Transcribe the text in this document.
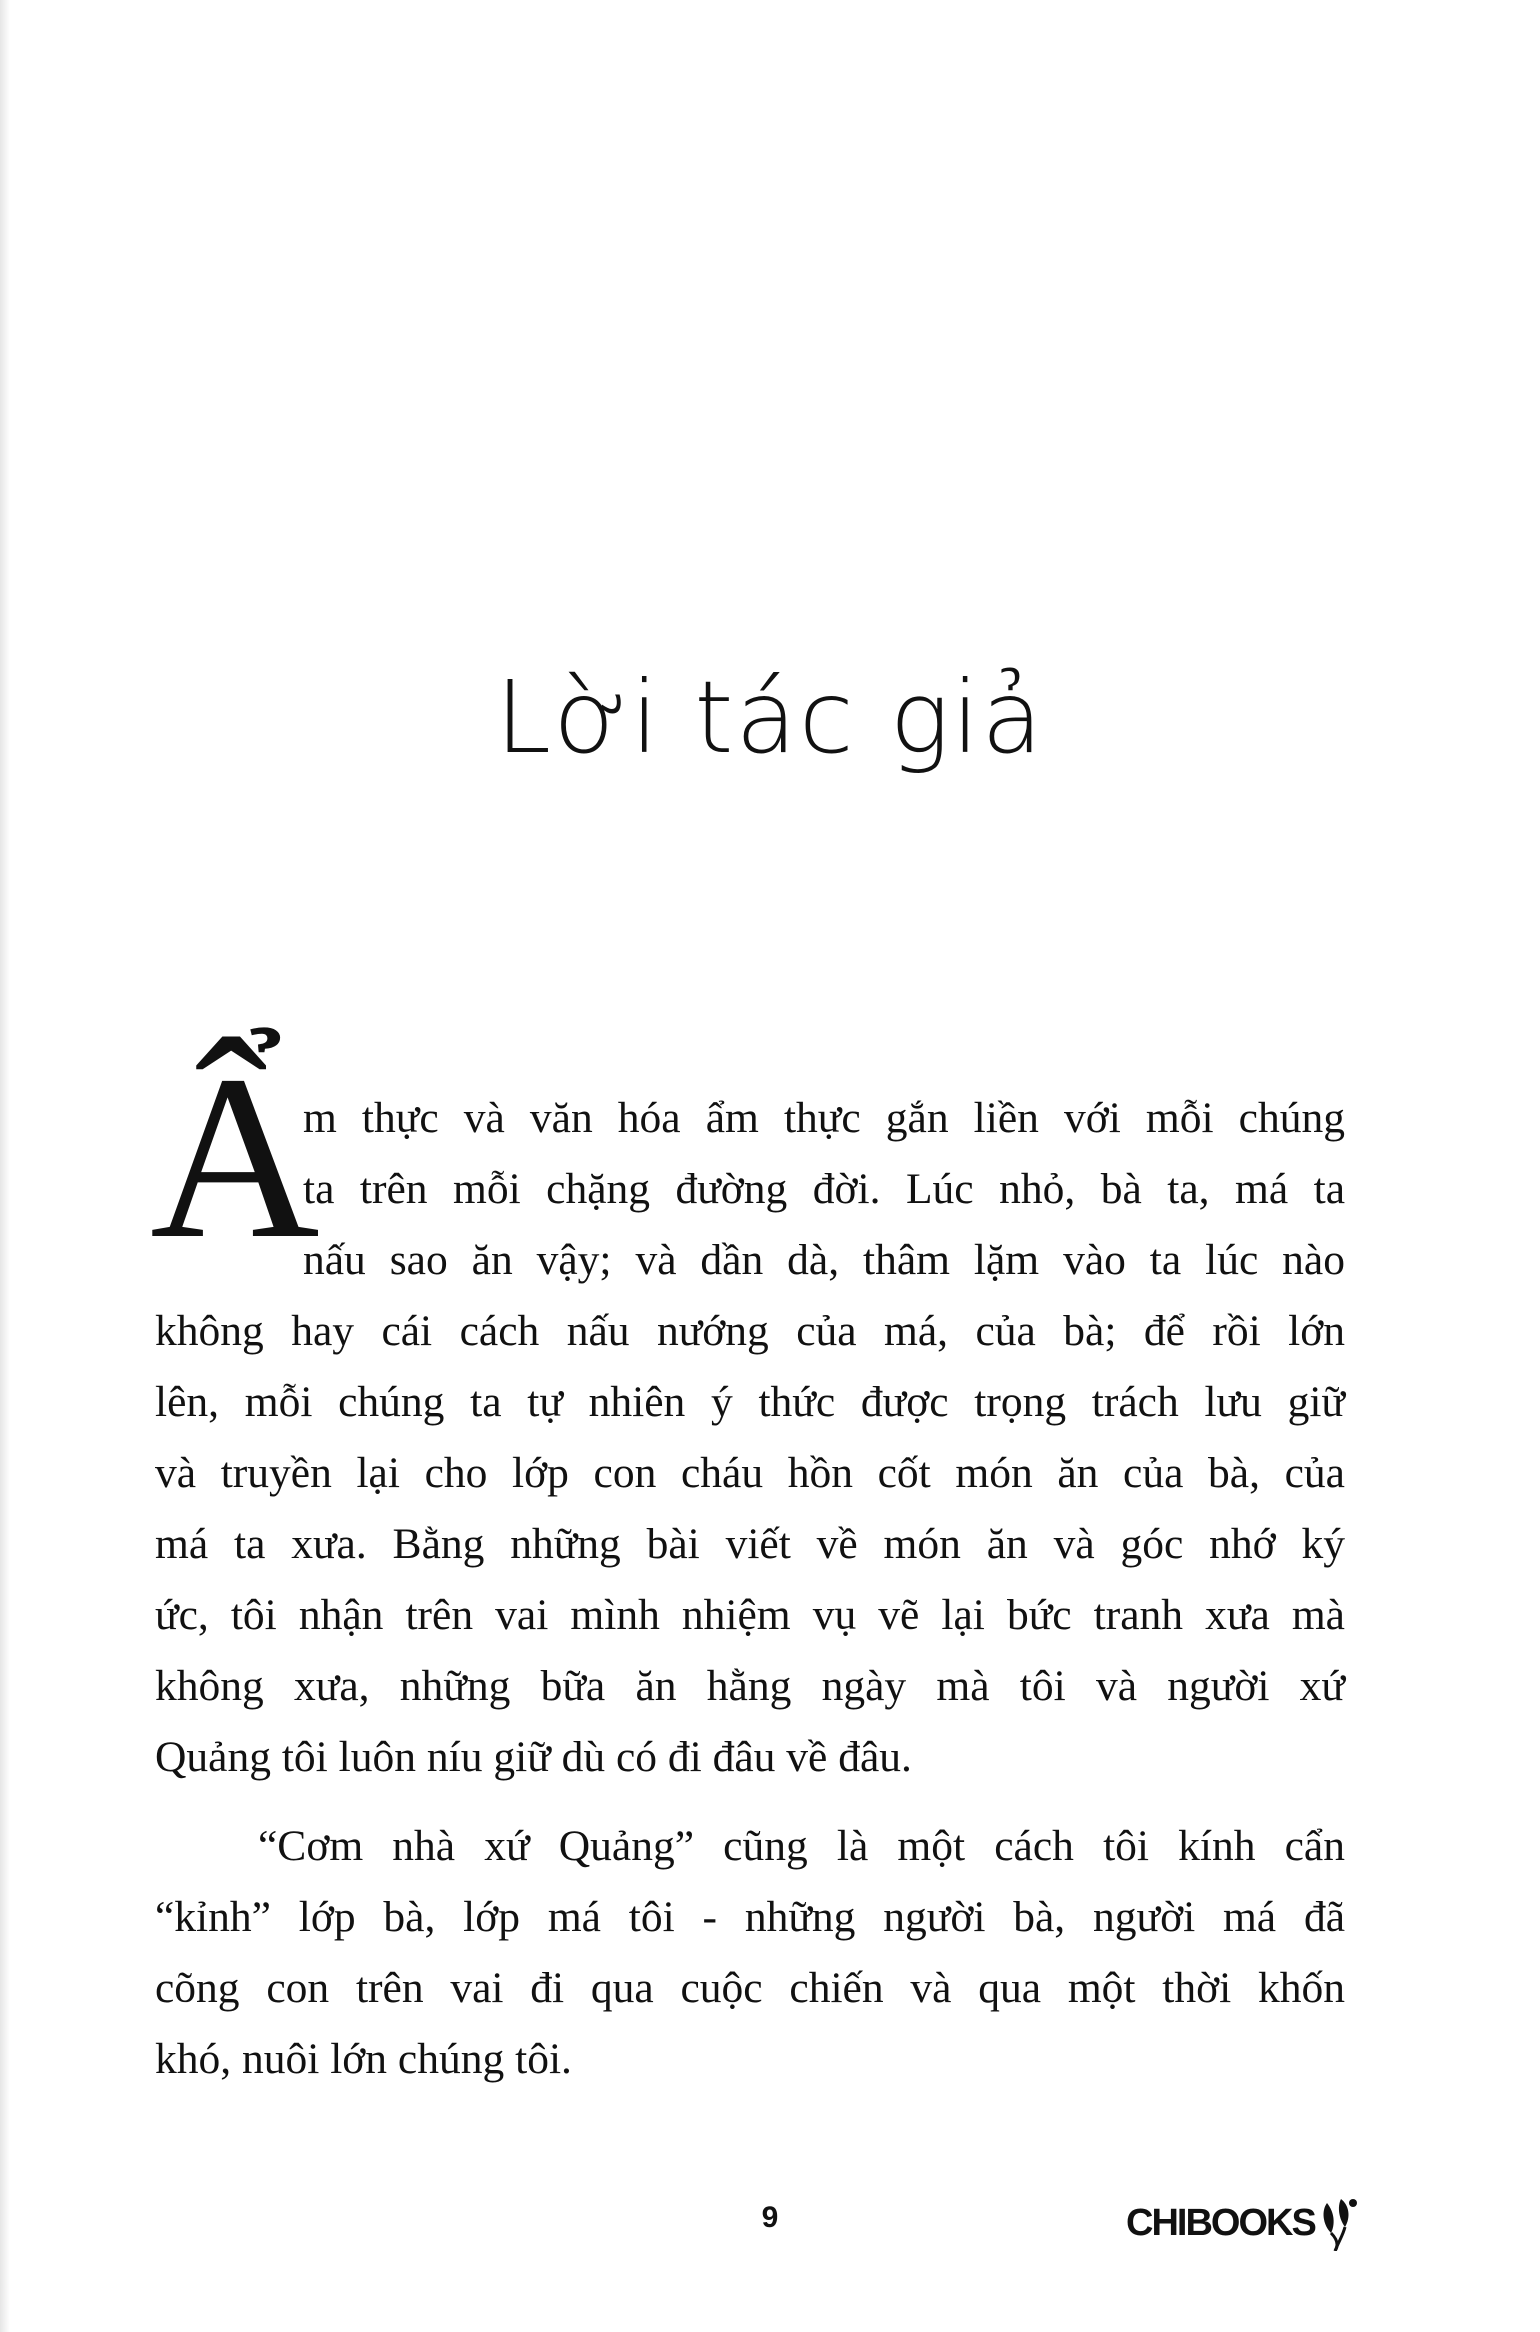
Lời tác giả
Ẩ
m thực và văn hóa ẩm thực gắn liền với mỗi chúng
ta trên mỗi chặng đường đời. Lúc nhỏ, bà ta, má ta
nấu sao ăn vậy; và dần dà, thâm lặm vào ta lúc nào
không hay cái cách nấu nướng của má, của bà; để rồi lớn
lên, mỗi chúng ta tự nhiên ý thức được trọng trách lưu giữ
và truyền lại cho lớp con cháu hồn cốt món ăn của bà, của
má ta xưa. Bằng những bài viết về món ăn và góc nhớ ký
ức, tôi nhận trên vai mình nhiệm vụ vẽ lại bức tranh xưa mà
không xưa, những bữa ăn hằng ngày mà tôi và người xứ
Quảng tôi luôn níu giữ dù có đi đâu về đâu.
“Cơm nhà xứ Quảng” cũng là một cách tôi kính cẩn
“kỉnh” lớp bà, lớp má tôi - những người bà, người má đã
cõng con trên vai đi qua cuộc chiến và qua một thời khốn
khó, nuôi lớn chúng tôi.
9	CHIBOOKS
